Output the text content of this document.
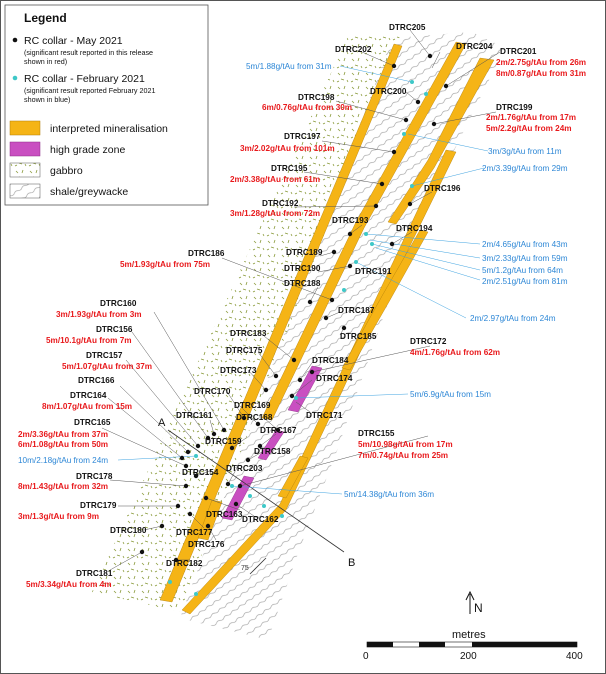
A
B
75
DTRC205
DTRC204
DTRC202	DTRC201
DTRC200
DTRC199
DTRC198
DTRC197
DTRC196
DTRC195
DTRC194
DTRC193
DTRC192
DTRC191
DTRC190
DTRC189
DTRC188
DTRC187
DTRC186
DTRC185
DTRC184
DTRC183
DTRC182
DTRC181
DTRC180
DTRC179
DTRC178
DTRC177
DTRC176
DTRC175
DTRC174
DTRC173
DTRC172
DTRC171
DTRC170
DTRC169
DTRC168
DTRC167
DTRC166
DTRC165
DTRC164
DTRC163
DTRC162
DTRC161
DTRC160
DTRC159
DTRC158
DTRC157
DTRC156
DTRC155
DTRC154 DTRC203
2m/2.75g/tAu from 26m
8m/0.87g/tAu from 31m
6m/0.76g/tAu from 30m
2m/1.76g/tAu from 17m
5m/2.2g/tAu from 24m
3m/2.02g/tAu from 101m
2m/3.38g/tAu from 61m
3m/1.28g/tAu from 72m
5m/1.93g/tAu from 75m
3m/1.93g/tAu from 3m
5m/10.1g/tAu from 7m
5m/1.07g/tAu from 37m
4m/1.76g/tAu from 62m
8m/1.07g/tAu from 15m
2m/3.36g/tAu from 37m
6m/1.08g/tAu from 50m	5m/10.98g/tAu from 17m
7m/0.74g/tAu from 25m
8m/1.43g/tAu from 32m
3m/1.3g/tAu from 9m
5m/3.34g/tAu from 4m
5m/1.88g/tAu from 31m
3m/3g/tAu from 11m
2m/3.39g/tAu from 29m
2m/4.65g/tAu from 43m
3m/2.33g/tAu from 59m
5m/1.2g/tAu from 64m
2m/2.51g/tAu from 81m
2m/2.97g/tAu from 24m
5m/6.9g/tAu from 15m
10m/2.18g/tAu from 24m
5m/14.38g/tAu from 36m
Legend
RC collar - May 2021
(significant result reported in this release
shown in red)
RC collar - February 2021
(significant result reported February 2021
shown in blue)
interpreted mineralisation
high grade zone
gabbro
shale/greywacke
N
metres
0	200	400
